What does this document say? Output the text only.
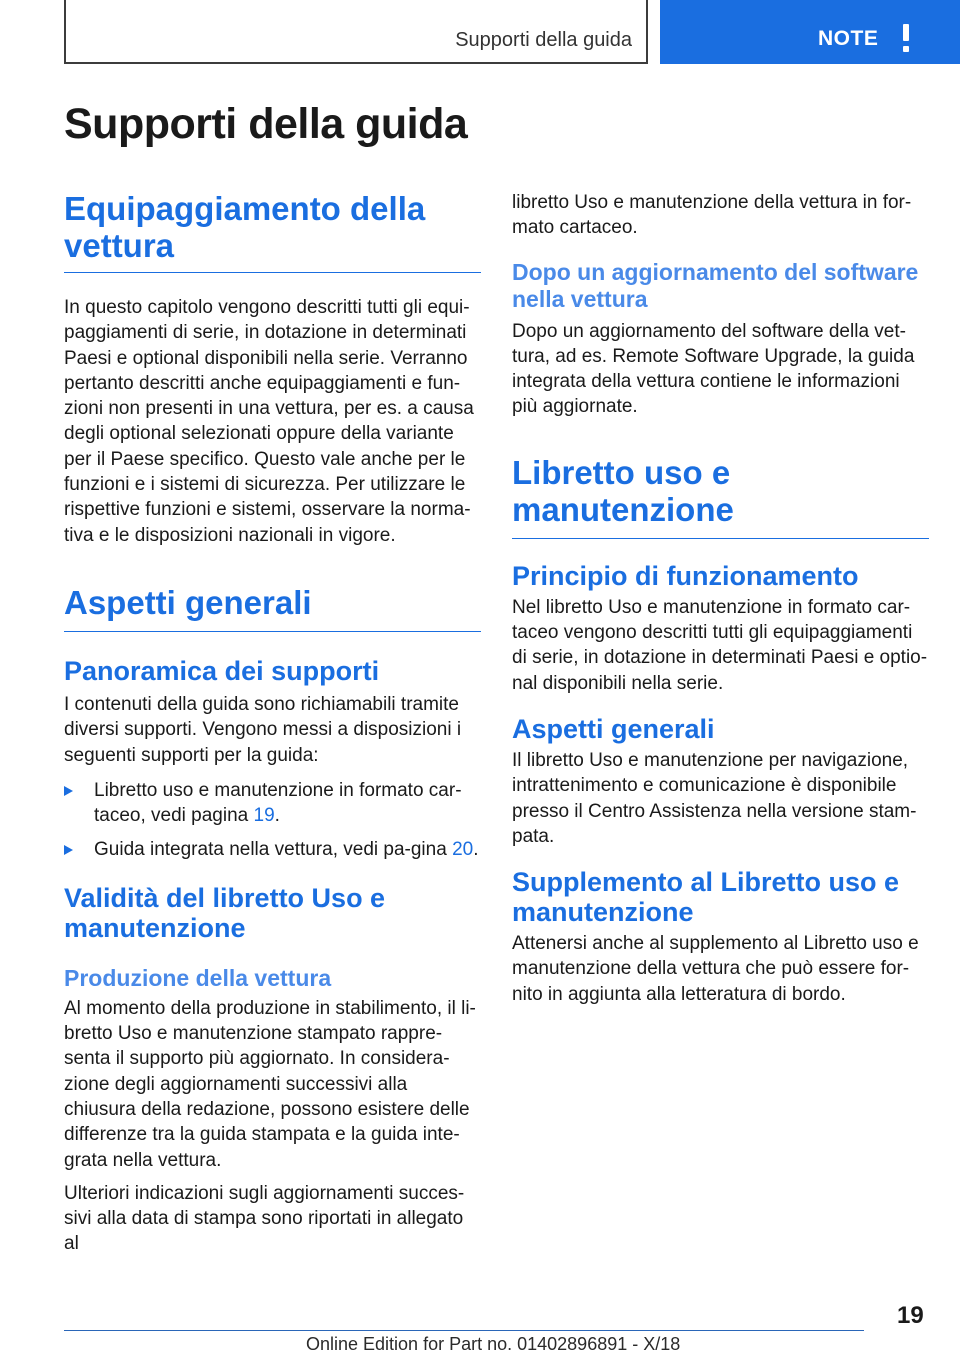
Supporti della guida	NOTE
Supporti della guida
Equipaggiamento della vettura

In questo capitolo vengono descritti tutti gli equi-paggiamenti di serie, in dotazione in determinati Paesi e optional disponibili nella serie. Verranno pertanto descritti anche equipaggiamenti e fun-zioni non presenti in una vettura, per es. a causa degli optional selezionati oppure della variante per il Paese specifico. Questo vale anche per le funzioni e i sistemi di sicurezza. Per utilizzare le rispettive funzioni e sistemi, osservare la norma-tiva e le disposizioni nazionali in vigore.

Aspetti generali
Panoramica dei supporti

I contenuti della guida sono richiamabili tramite diversi supporti. Vengono messi a disposizioni i seguenti supporti per la guida:

Libretto uso e manutenzione in formato car-taceo, vedi pagina 19.
Guida integrata nella vettura, vedi pa-gina 20.
Validità del libretto Uso e manutenzione
Produzione della vettura

Al momento della produzione in stabilimento, il li-bretto Uso e manutenzione stampato rappre-senta il supporto più aggiornato. In considera-zione degli aggiornamenti successivi alla chiusura della redazione, possono esistere delle differenze tra la guida stampata e la guida inte-grata nella vettura.

Ulteriori indicazioni sugli aggiornamenti succes-sivi alla data di stampa sono riportati in allegato al

libretto Uso e manutenzione della vettura in for-mato cartaceo.

Dopo un aggiornamento del software nella vettura

Dopo un aggiornamento del software della vet-tura, ad es. Remote Software Upgrade, la guida integrata della vettura contiene le informazioni più aggiornate.

Libretto uso e manutenzione
Principio di funzionamento

Nel libretto Uso e manutenzione in formato car-taceo vengono descritti tutti gli equipaggiamenti di serie, in dotazione in determinati Paesi e optio-nal disponibili nella serie.

Aspetti generali

Il libretto Uso e manutenzione per navigazione, intrattenimento e comunicazione è disponibile presso il Centro Assistenza nella versione stam-pata.

Supplemento al Libretto uso e manutenzione

Attenersi anche al supplemento al Libretto uso e manutenzione della vettura che può essere for-nito in aggiunta alla letteratura di bordo.

19
Online Edition for Part no. 01402896891 - X/18
